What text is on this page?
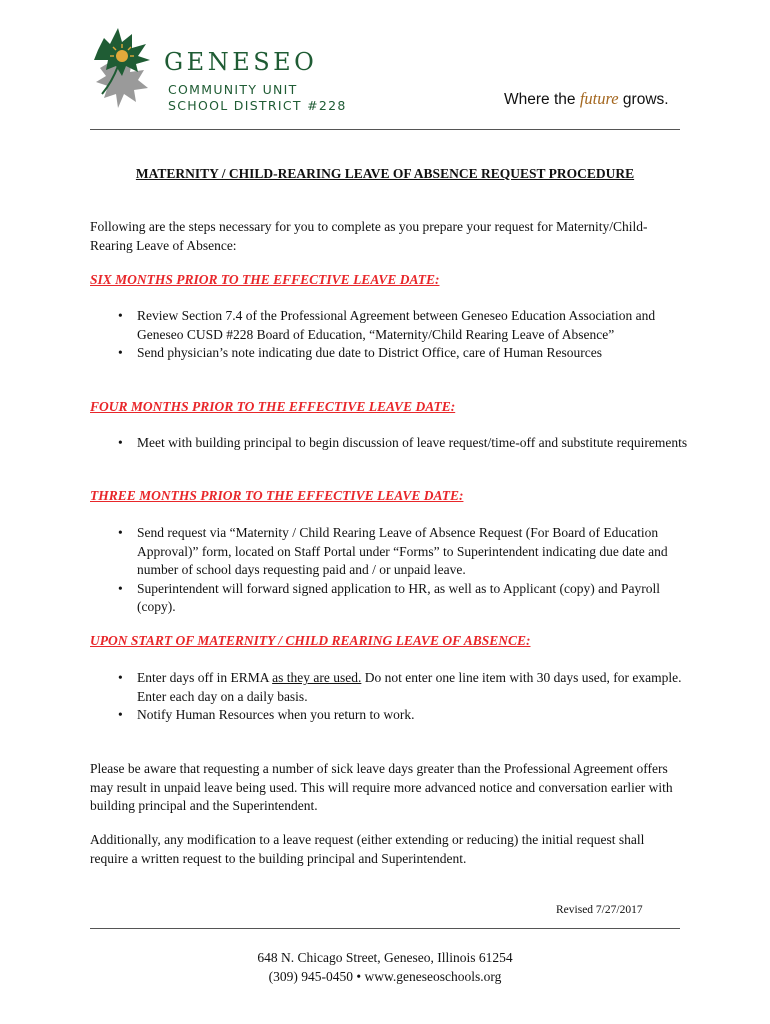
GENESEO
COMMUNITY UNIT
SCHOOL DISTRICT #228	Where the future grows.
MATERNITY / CHILD-REARING LEAVE OF ABSENCE REQUEST PROCEDURE

Following are the steps necessary for you to complete as you prepare your request for Maternity/Child-Rearing Leave of Absence:

SIX MONTHS PRIOR TO THE EFFECTIVE LEAVE DATE:

• Review Section 7.4 of the Professional Agreement between Geneseo Education Association and Geneseo CUSD #228 Board of Education, “Maternity/Child Rearing Leave of Absence”
• Send physician’s note indicating due date to District Office, care of Human Resources

FOUR MONTHS PRIOR TO THE EFFECTIVE LEAVE DATE:

• Meet with building principal to begin discussion of leave request/time-off and substitute requirements

THREE MONTHS PRIOR TO THE EFFECTIVE LEAVE DATE:

• Send request via “Maternity / Child Rearing Leave of Absence Request (For Board of Education Approval)” form, located on Staff Portal under “Forms” to Superintendent indicating due date and number of school days requesting paid and / or unpaid leave.
• Superintendent will forward signed application to HR, as well as to Applicant (copy) and Payroll (copy).

UPON START OF MATERNITY / CHILD REARING LEAVE OF ABSENCE:

• Enter days off in ERMA as they are used. Do not enter one line item with 30 days used, for example. Enter each day on a daily basis.
• Notify Human Resources when you return to work.

Please be aware that requesting a number of sick leave days greater than the Professional Agreement offers may result in unpaid leave being used. This will require more advanced notice and conversation earlier with building principal and the Superintendent.

Additionally, any modification to a leave request (either extending or reducing) the initial request shall require a written request to the building principal and Superintendent.

Revised 7/27/2017
648 N. Chicago Street, Geneseo, Illinois 61254
(309) 945-0450 • www.geneseoschools.org
